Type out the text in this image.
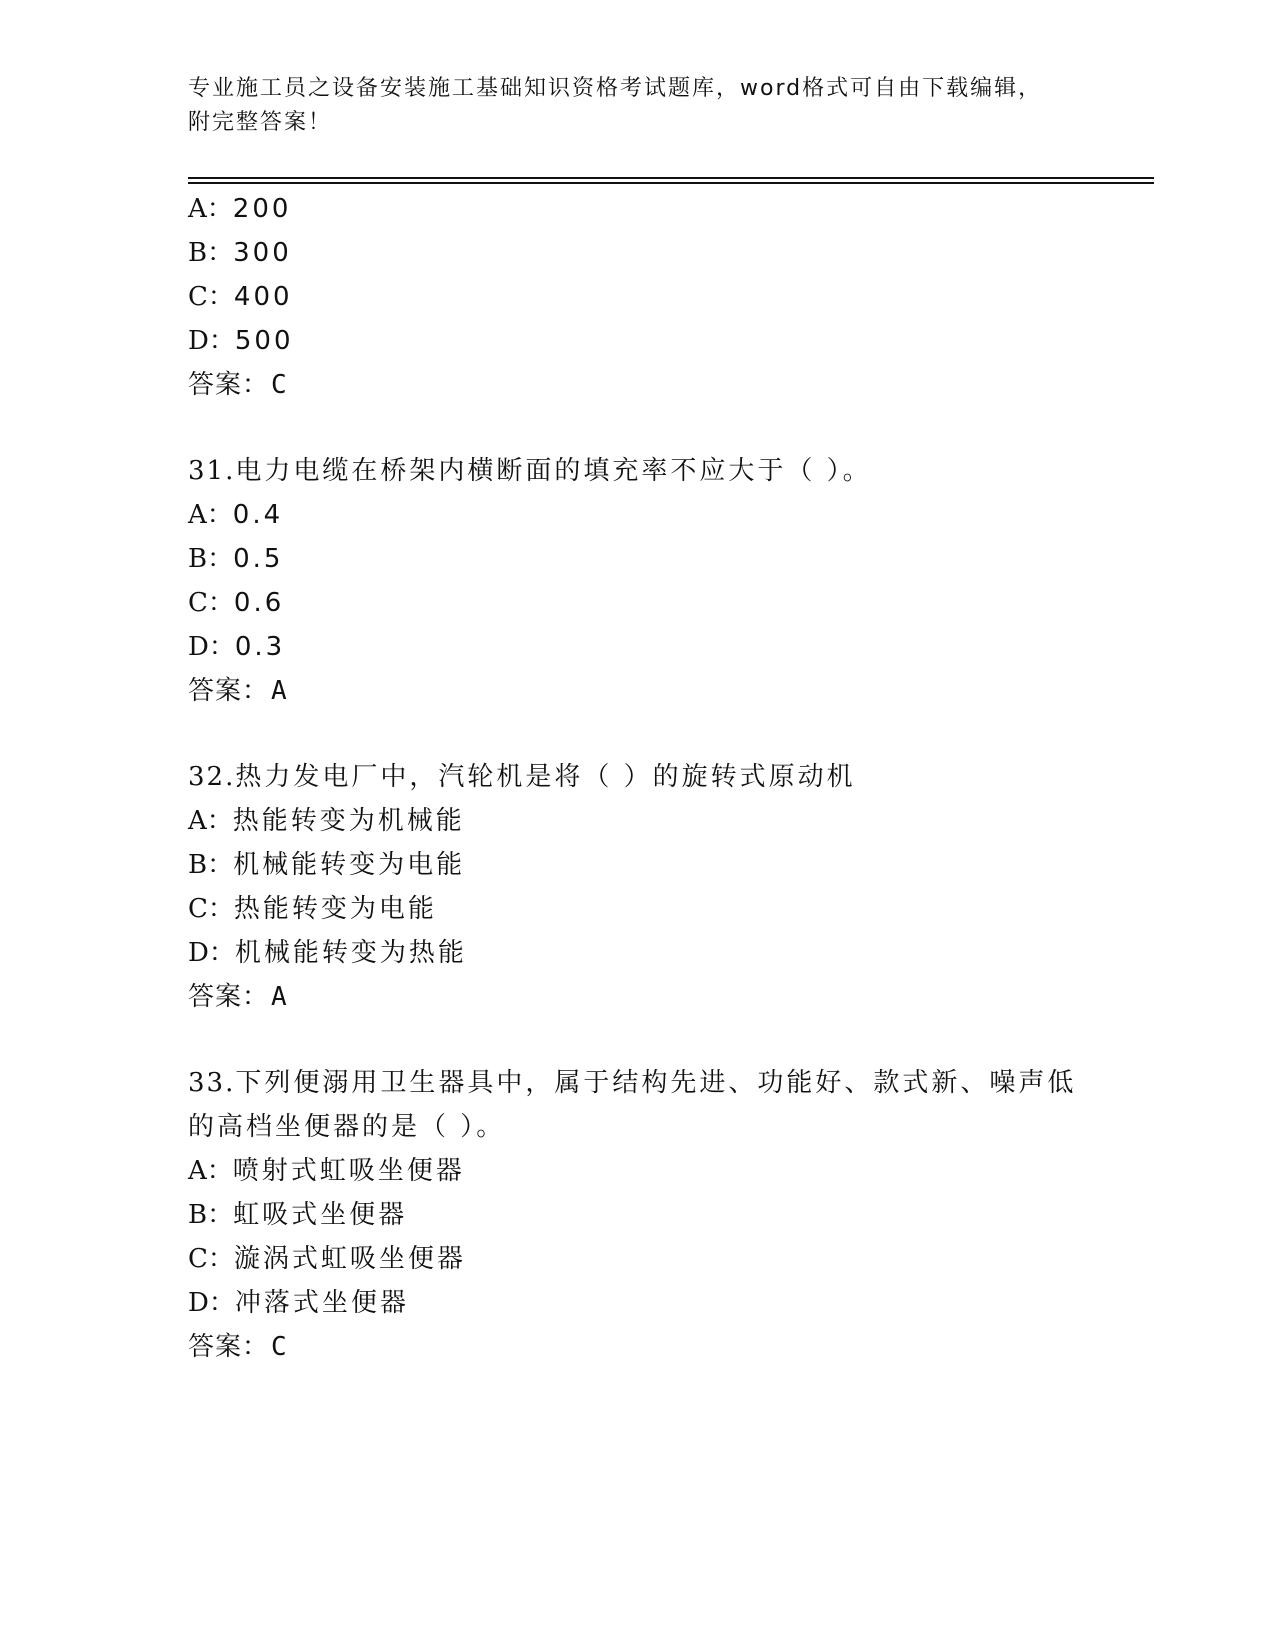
专业施工员之设备安装施工基础知识资格考试题库，word格式可自由下载编辑，
附完整答案！
A：200
B：300
C：400
D：500
答案：C
31.电力电缆在桥架内横断面的填充率不应大于（ ）。
A：0.4
B：0.5
C：0.6
D：0.3
答案：A
32.热力发电厂中，汽轮机是将（ ）的旋转式原动机
A：热能转变为机械能
B：机械能转变为电能
C：热能转变为电能
D：机械能转变为热能
答案：A
33.下列便溺用卫生器具中，属于结构先进、功能好、款式新、噪声低
的高档坐便器的是（ ）。
A：喷射式虹吸坐便器
B：虹吸式坐便器
C：漩涡式虹吸坐便器
D：冲落式坐便器
答案：C
